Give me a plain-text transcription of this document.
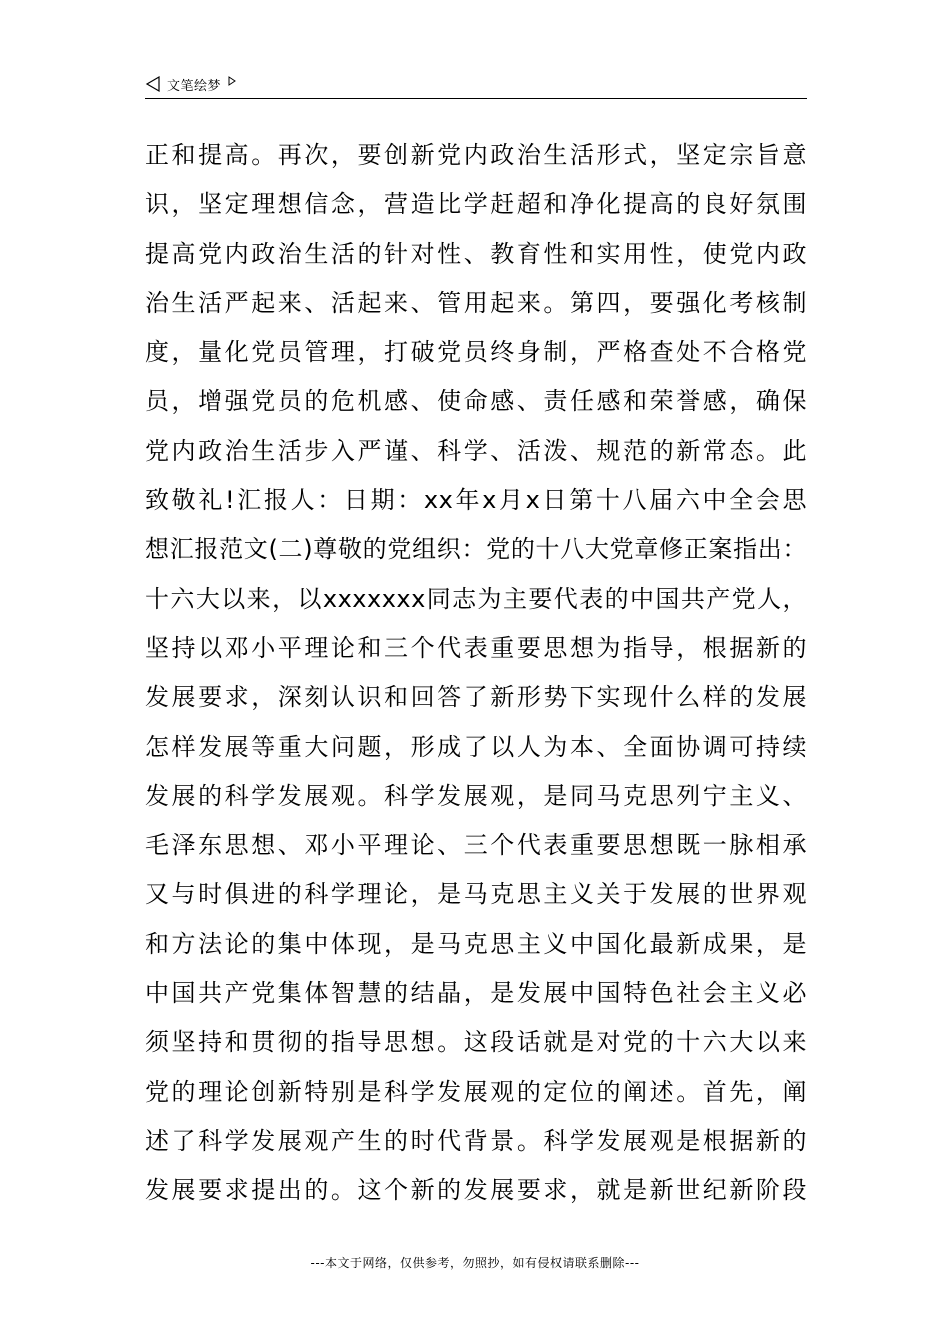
文笔绘梦
正和提高。再次，要创新党内政治生活形式，坚定宗旨意
识，坚定理想信念，营造比学赶超和净化提高的良好氛围
提高党内政治生活的针对性、教育性和实用性，使党内政
治生活严起来、活起来、管用起来。第四，要强化考核制
度，量化党员管理，打破党员终身制，严格查处不合格党
员，增强党员的危机感、使命感、责任感和荣誉感，确保
党内政治生活步入严谨、科学、活泼、规范的新常态。此
致敬礼!汇报人：日期：xx年x月x日第十八届六中全会思
想汇报范文(二)尊敬的党组织：党的十八大党章修正案指出：
十六大以来，以xxxxxxx同志为主要代表的中国共产党人，
坚持以邓小平理论和三个代表重要思想为指导，根据新的
发展要求，深刻认识和回答了新形势下实现什么样的发展
怎样发展等重大问题，形成了以人为本、全面协调可持续
发展的科学发展观。科学发展观，是同马克思列宁主义、
毛泽东思想、邓小平理论、三个代表重要思想既一脉相承
又与时俱进的科学理论，是马克思主义关于发展的世界观
和方法论的集中体现，是马克思主义中国化最新成果，是
中国共产党集体智慧的结晶，是发展中国特色社会主义必
须坚持和贯彻的指导思想。这段话就是对党的十六大以来
党的理论创新特别是科学发展观的定位的阐述。首先，阐
述了科学发展观产生的时代背景。科学发展观是根据新的
发展要求提出的。这个新的发展要求，就是新世纪新阶段
---本文于网络，仅供参考，勿照抄，如有侵权请联系删除---
